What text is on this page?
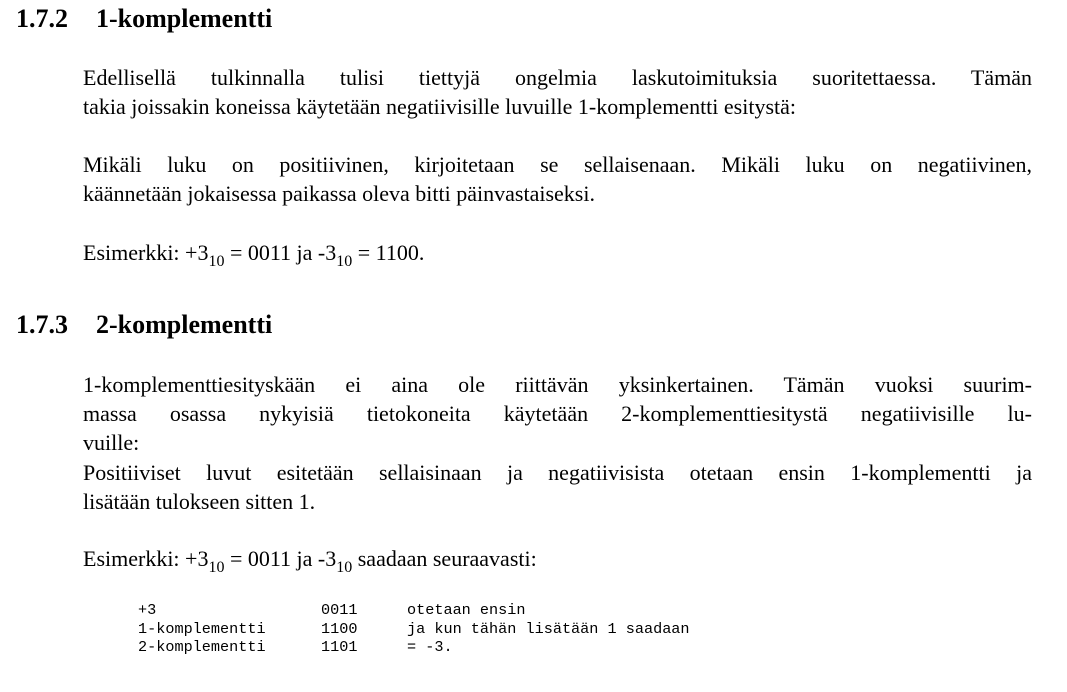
1.7.2 1-komplementti
Edellisellä tulkinnalla tulisi tiettyjä ongelmia laskutoimituksia suoritettaessa. Tämän
takia joissakin koneissa käytetään negatiivisille luvuille 1-komplementti esitystä:
Mikäli luku on positiivinen, kirjoitetaan se sellaisenaan. Mikäli luku on negatiivinen,
käännetään jokaisessa paikassa oleva bitti päinvastaiseksi.
Esimerkki: $+3_{10} = 0011$ ja $-3_{10} = 1100$.
1.7.3 2-komplementti
1-komplementtiesityskään ei aina ole riittävän yksinkertainen. Tämän vuoksi suurim-
massa osassa nykyisiä tietokoneita käytetään 2-komplementtiesitystä negatiivisille lu-
vuille:
Positiiviset luvut esitetään sellaisinaan ja negatiivisista otetaan ensin 1-komplementti ja
lisätään tulokseen sitten 1.
Esimerkki: $+3_{10} = 0011$ ja $-3_{10}$ saadaan seuraavasti:
+3	0011	otetaan ensin
1-komplementti	1100	ja kun tähän lisätään 1 saadaan
2-komplementti	1101	= -3.
